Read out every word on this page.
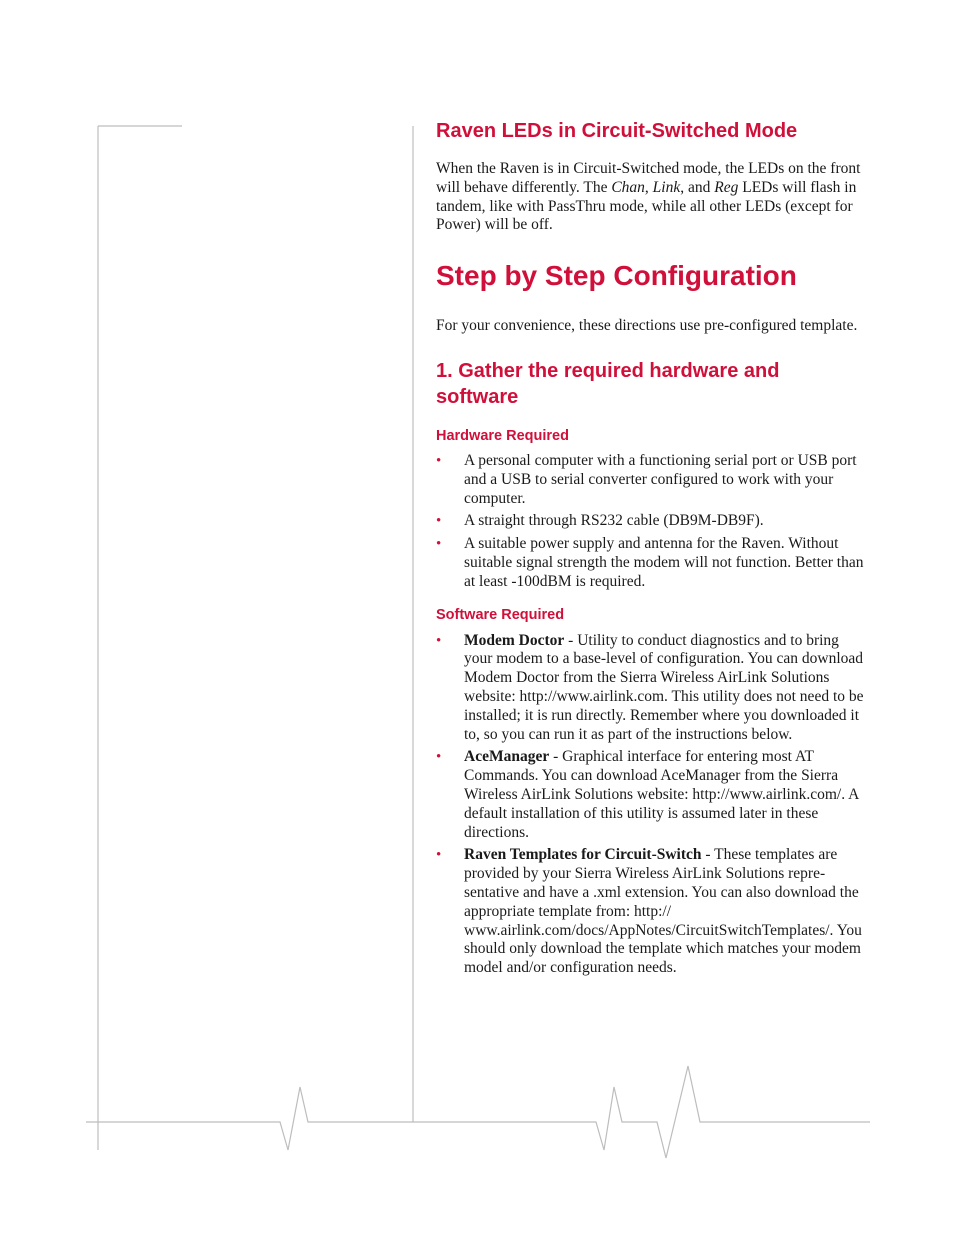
Raven LEDs in Circuit-Switched Mode

When the Raven is in Circuit-Switched mode, the LEDs on the front will behave differently. The Chan, Link, and Reg LEDs will flash in tandem, like with PassThru mode, while all other LEDs (except for Power) will be off.

Step by Step Configuration

For your convenience, these directions use pre-configured template.

1. Gather the required hardware and software
Hardware Required
• A personal computer with a functioning serial port or USB port and a USB to serial converter configured to work with your computer.
• A straight through RS232 cable (DB9M-DB9F).
• A suitable power supply and antenna for the Raven. Without suitable signal strength the modem will not function. Better than at least -100dBM is required.
Software Required
• Modem Doctor - Utility to conduct diagnostics and to bring your modem to a base-level of configuration. You can download Modem Doctor from the Sierra Wireless AirLink Solutions website: http://www.airlink.com. This utility does not need to be installed; it is run directly. Remember where you downloaded it to, so you can run it as part of the instructions below.
• AceManager - Graphical interface for entering most AT Commands. You can download AceManager from the Sierra Wireless AirLink Solutions website: http://​www.airlink.com/. A default installation of this utility is assumed later in these directions.
• Raven Templates for Circuit-Switch - These templates are provided by your Sierra Wireless AirLink Solutions representative and have a .xml extension. You can also download the appropriate template from: http://​www.airlink.com/docs/AppNotes/CircuitSwitchTemplates/. You should only download the template which matches your modem model and/or configuration needs.
